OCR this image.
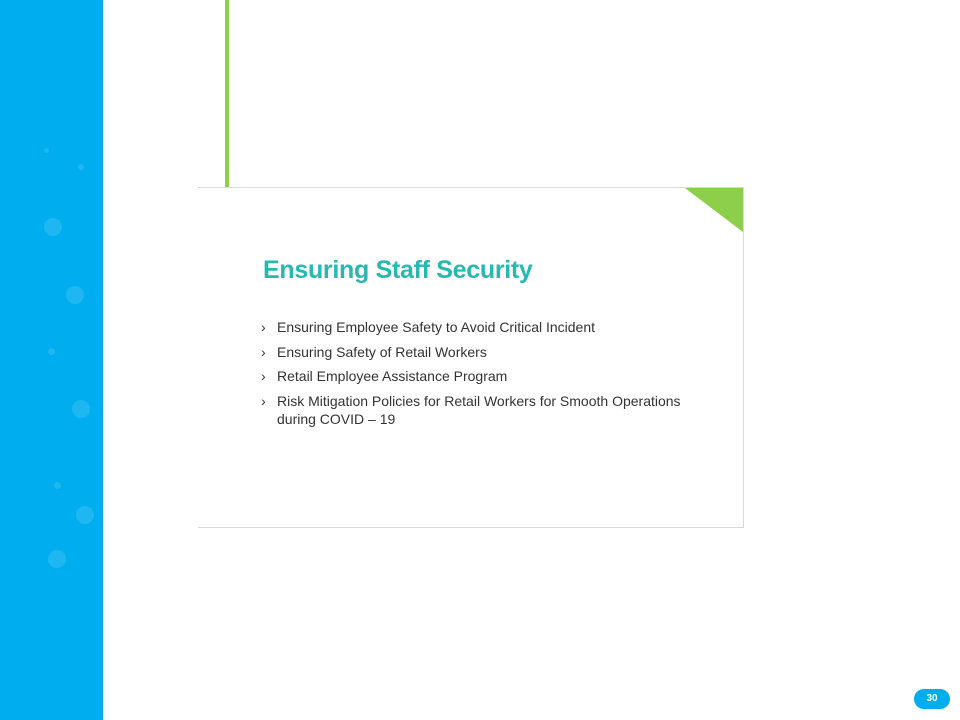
Ensuring Staff Security
› Ensuring Employee Safety to Avoid Critical Incident
› Ensuring Safety of Retail Workers
› Retail Employee Assistance Program
› Risk Mitigation Policies for Retail Workers for Smooth Operations during COVID – 19
30
